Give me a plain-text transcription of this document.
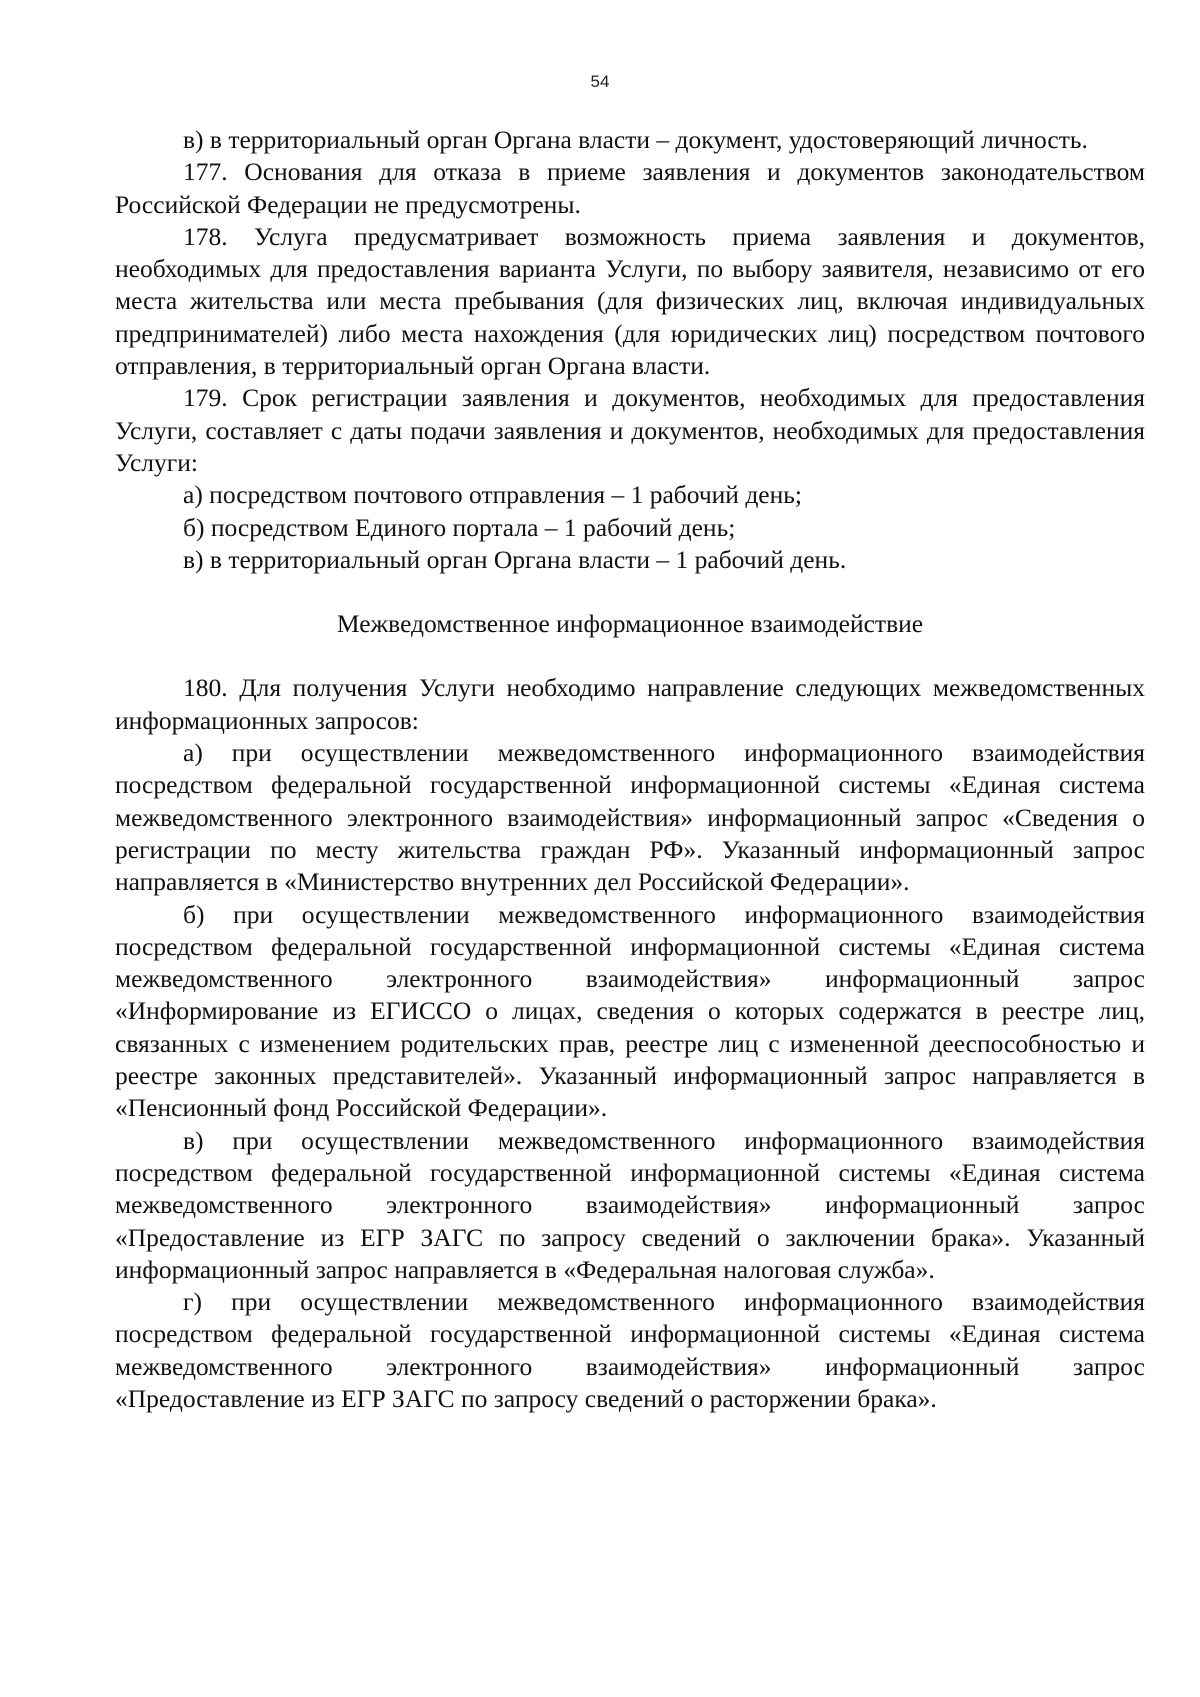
54

в) в территориальный орган Органа власти – документ, удостоверяющий личность.

177. Основания для отказа в приеме заявления и документов законодательством Российской Федерации не предусмотрены.

178. Услуга предусматривает возможность приема заявления и документов, необходимых для предоставления варианта Услуги, по выбору заявителя, независимо от его места жительства или места пребывания (для физических лиц, включая индивидуальных предпринимателей) либо места нахождения (для юридических лиц) посредством почтового отправления, в территориальный орган Органа власти.

179. Срок регистрации заявления и документов, необходимых для предоставления Услуги, составляет с даты подачи заявления и документов, необходимых для предоставления Услуги:

а) посредством почтового отправления – 1 рабочий день;

б) посредством Единого портала – 1 рабочий день;

в) в территориальный орган Органа власти – 1 рабочий день.

Межведомственное информационное взаимодействие

180. Для получения Услуги необходимо направление следующих межведомственных информационных запросов:

а) при осуществлении межведомственного информационного взаимодействия посредством федеральной государственной информационной системы «Единая система межведомственного электронного взаимодействия» информационный запрос «Сведения о регистрации по месту жительства граждан РФ». Указанный информационный запрос направляется в «Министерство внутренних дел Российской Федерации».

б) при осуществлении межведомственного информационного взаимодействия посредством федеральной государственной информационной системы «Единая система межведомственного электронного взаимодействия» информационный запрос «Информирование из ЕГИССО о лицах, сведения о которых содержатся в реестре лиц, связанных с изменением родительских прав, реестре лиц с измененной дееспособностью и реестре законных представителей». Указанный информационный запрос направляется в «Пенсионный фонд Российской Федерации».

в) при осуществлении межведомственного информационного взаимодействия посредством федеральной государственной информационной системы «Единая система межведомственного электронного взаимодействия» информационный запрос «Предоставление из ЕГР ЗАГС по запросу сведений о заключении брака». Указанный информационный запрос направляется в «Федеральная налоговая служба».

г) при осуществлении межведомственного информационного взаимодействия посредством федеральной государственной информационной системы «Единая система межведомственного электронного взаимодействия» информационный запрос «Предоставление из ЕГР ЗАГС по запросу сведений о расторжении брака».
